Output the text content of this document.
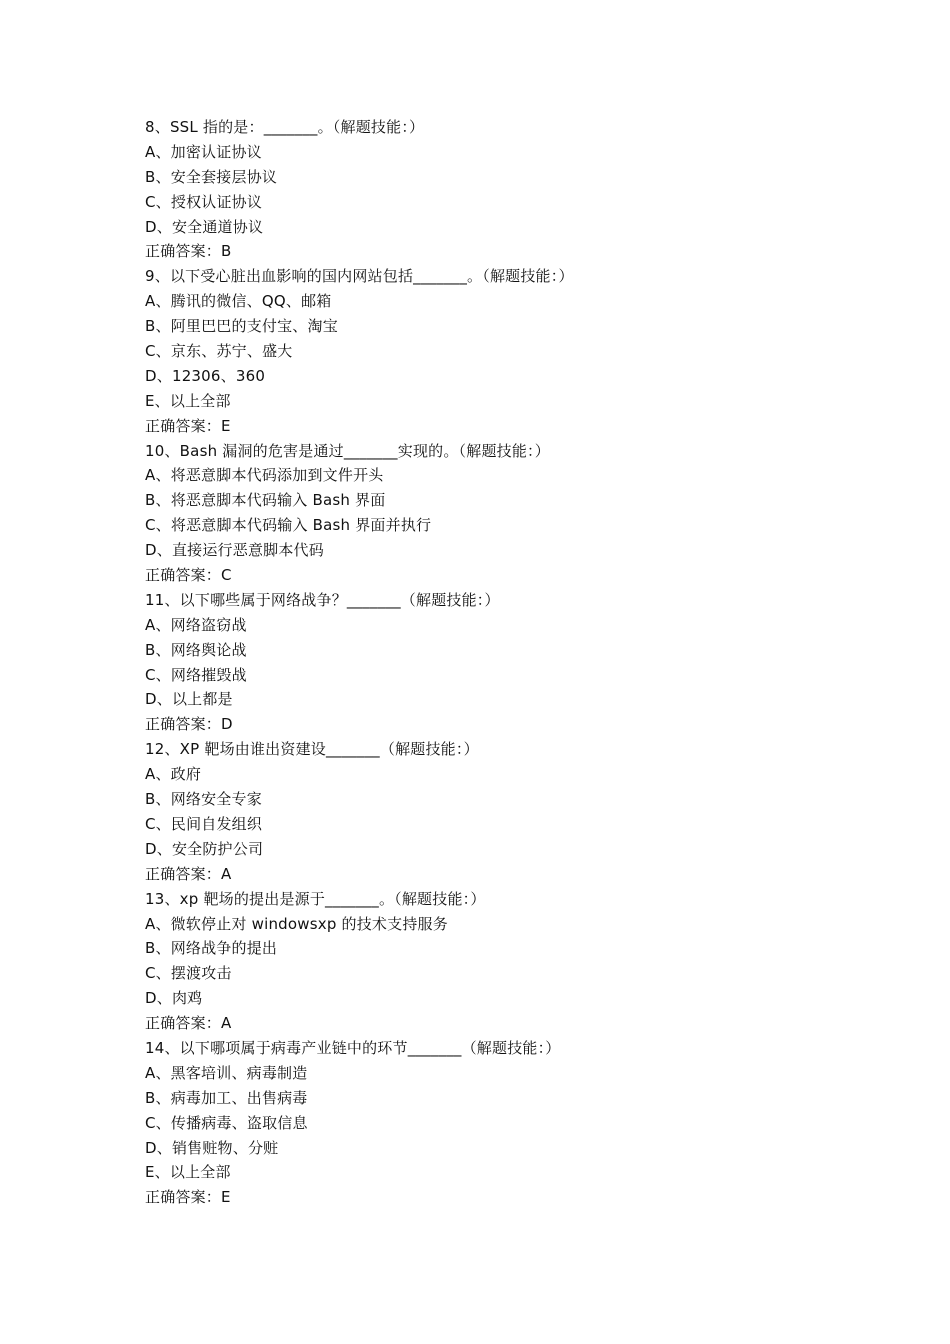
8、SSL 指的是：_______。（解题技能：）
A、加密认证协议
B、安全套接层协议
C、授权认证协议
D、安全通道协议
正确答案：B
9、以下受心脏出血影响的国内网站包括_______。（解题技能：）
A、腾讯的微信、QQ、邮箱
B、阿里巴巴的支付宝、淘宝
C、京东、苏宁、盛大
D、12306、360
E、以上全部
正确答案：E
10、Bash 漏洞的危害是通过_______实现的。（解题技能：）
A、将恶意脚本代码添加到文件开头
B、将恶意脚本代码输入 Bash 界面
C、将恶意脚本代码输入 Bash 界面并执行
D、直接运行恶意脚本代码
正确答案：C
11、以下哪些属于网络战争？_______（解题技能：）
A、网络盗窃战
B、网络舆论战
C、网络摧毁战
D、以上都是
正确答案：D
12、XP 靶场由谁出资建设_______（解题技能：）
A、政府
B、网络安全专家
C、民间自发组织
D、安全防护公司
正确答案：A
13、xp 靶场的提出是源于_______。（解题技能：）
A、微软停止对 windowsxp 的技术支持服务
B、网络战争的提出
C、摆渡攻击
D、肉鸡
正确答案：A
14、以下哪项属于病毒产业链中的环节_______（解题技能：）
A、黑客培训、病毒制造
B、病毒加工、出售病毒
C、传播病毒、盗取信息
D、销售赃物、分赃
E、以上全部
正确答案：E
